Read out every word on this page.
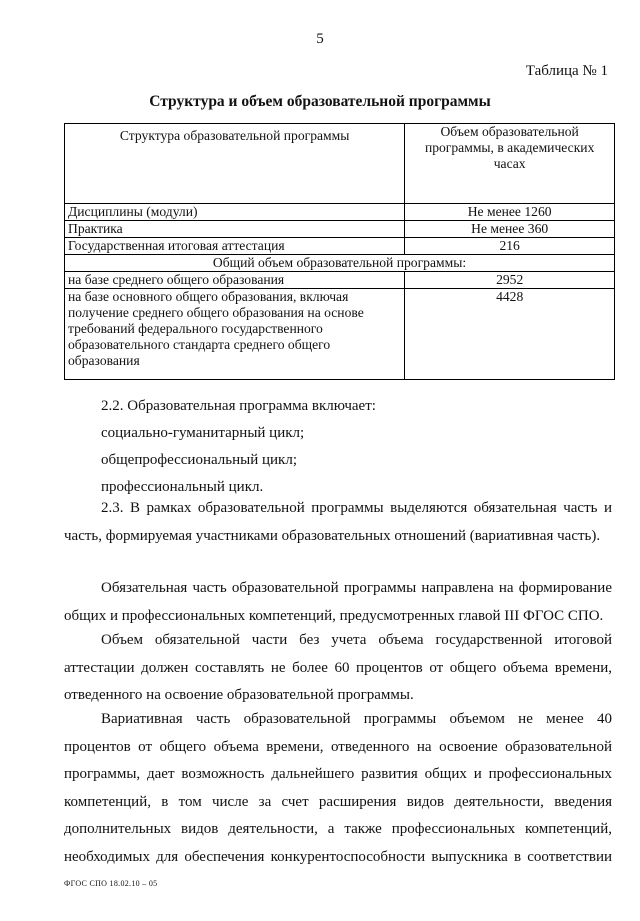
5
Таблица № 1
Структура и объем образовательной программы
Структура образовательной программы	Объем образовательной программы, в академических часах
Дисциплины (модули)	Не менее 1260
Практика	Не менее 360
Государственная итоговая аттестация	216
Общий объем образовательной программы:	
на базе среднего общего образования	2952
на базе основного общего образования, включая получение среднего общего образования на основе требований федерального государственного образовательного стандарта среднего общего образования	4428

2.2. Образовательная программа включает:

социально-гуманитарный цикл;

общепрофессиональный цикл;

профессиональный цикл.

2.3. В рамках образовательной программы выделяются обязательная часть и часть, формируемая участниками образовательных отношений (вариативная часть).

Обязательная часть образовательной программы направлена на формирование общих и профессиональных компетенций, предусмотренных главой III ФГОС СПО.

Объем обязательной части без учета объема государственной итоговой аттестации должен составлять не более 60 процентов от общего объема времени, отведенного на освоение образовательной программы.

Вариативная часть образовательной программы объемом не менее 40 процентов от общего объема времени, отведенного на освоение образовательной программы, дает возможность дальнейшего развития общих и профессиональных компетенций, в том числе за счет расширения видов деятельности, введения дополнительных видов деятельности, а также профессиональных компетенций, необходимых для обеспечения конкурентоспособности выпускника в соответствии

ФГОС СПО 18.02.10 – 05
